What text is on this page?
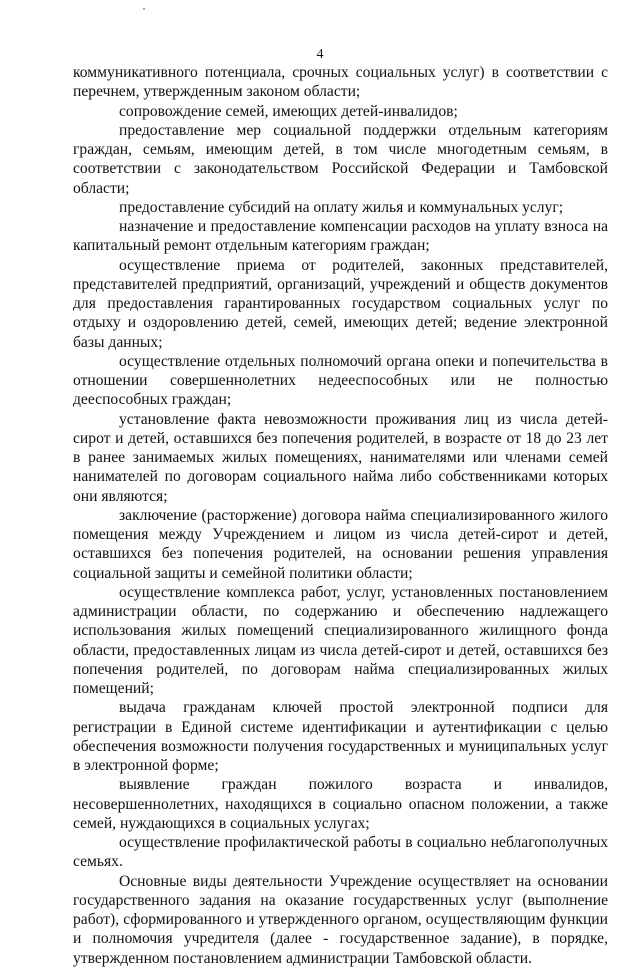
4

коммуникативного потенциала, срочных социальных услуг) в соответствии с перечнем, утвержденным законом области;

сопровождение семей, имеющих детей-инвалидов;

предоставление мер социальной поддержки отдельным категориям граждан, семьям, имеющим детей, в том числе многодетным семьям, в соответствии с законодательством Российской Федерации и Тамбовской области;

предоставление субсидий на оплату жилья и коммунальных услуг;

назначение и предоставление компенсации расходов на уплату взноса на капитальный ремонт отдельным категориям граждан;

осуществление приема от родителей, законных представителей, представителей предприятий, организаций, учреждений и обществ документов для предоставления гарантированных государством социальных услуг по отдыху и оздоровлению детей, семей, имеющих детей; ведение электронной базы данных;

осуществление отдельных полномочий органа опеки и попечительства в отношении совершеннолетних недееспособных или не полностью дееспособных граждан;

установление факта невозможности проживания лиц из числа детей-сирот и детей, оставшихся без попечения родителей, в возрасте от 18 до 23 лет в ранее занимаемых жилых помещениях, нанимателями или членами семей нанимателей по договорам социального найма либо собственниками которых они являются;

заключение (расторжение) договора найма специализированного жилого помещения между Учреждением и лицом из числа детей-сирот и детей, оставшихся без попечения родителей, на основании решения управления социальной защиты и семейной политики области;

осуществление комплекса работ, услуг, установленных постановлением администрации области, по содержанию и обеспечению надлежащего использования жилых помещений специализированного жилищного фонда области, предоставленных лицам из числа детей-сирот и детей, оставшихся без попечения родителей, по договорам найма специализированных жилых помещений;

выдача гражданам ключей простой электронной подписи для регистрации в Единой системе идентификации и аутентификации с целью обеспечения возможности получения государственных и муниципальных услуг в электронной форме;

выявление граждан пожилого возраста и инвалидов, несовершеннолетних, находящихся в социально опасном положении, а также семей, нуждающихся в социальных услугах;

осуществление профилактической работы в социально неблагополучных семьях.

Основные виды деятельности Учреждение осуществляет на основании государственного задания на оказание государственных услуг (выполнение работ), сформированного и утвержденного органом, осуществляющим функции и полномочия учредителя (далее - государственное задание), в порядке, утвержденном постановлением администрации Тамбовской области.
